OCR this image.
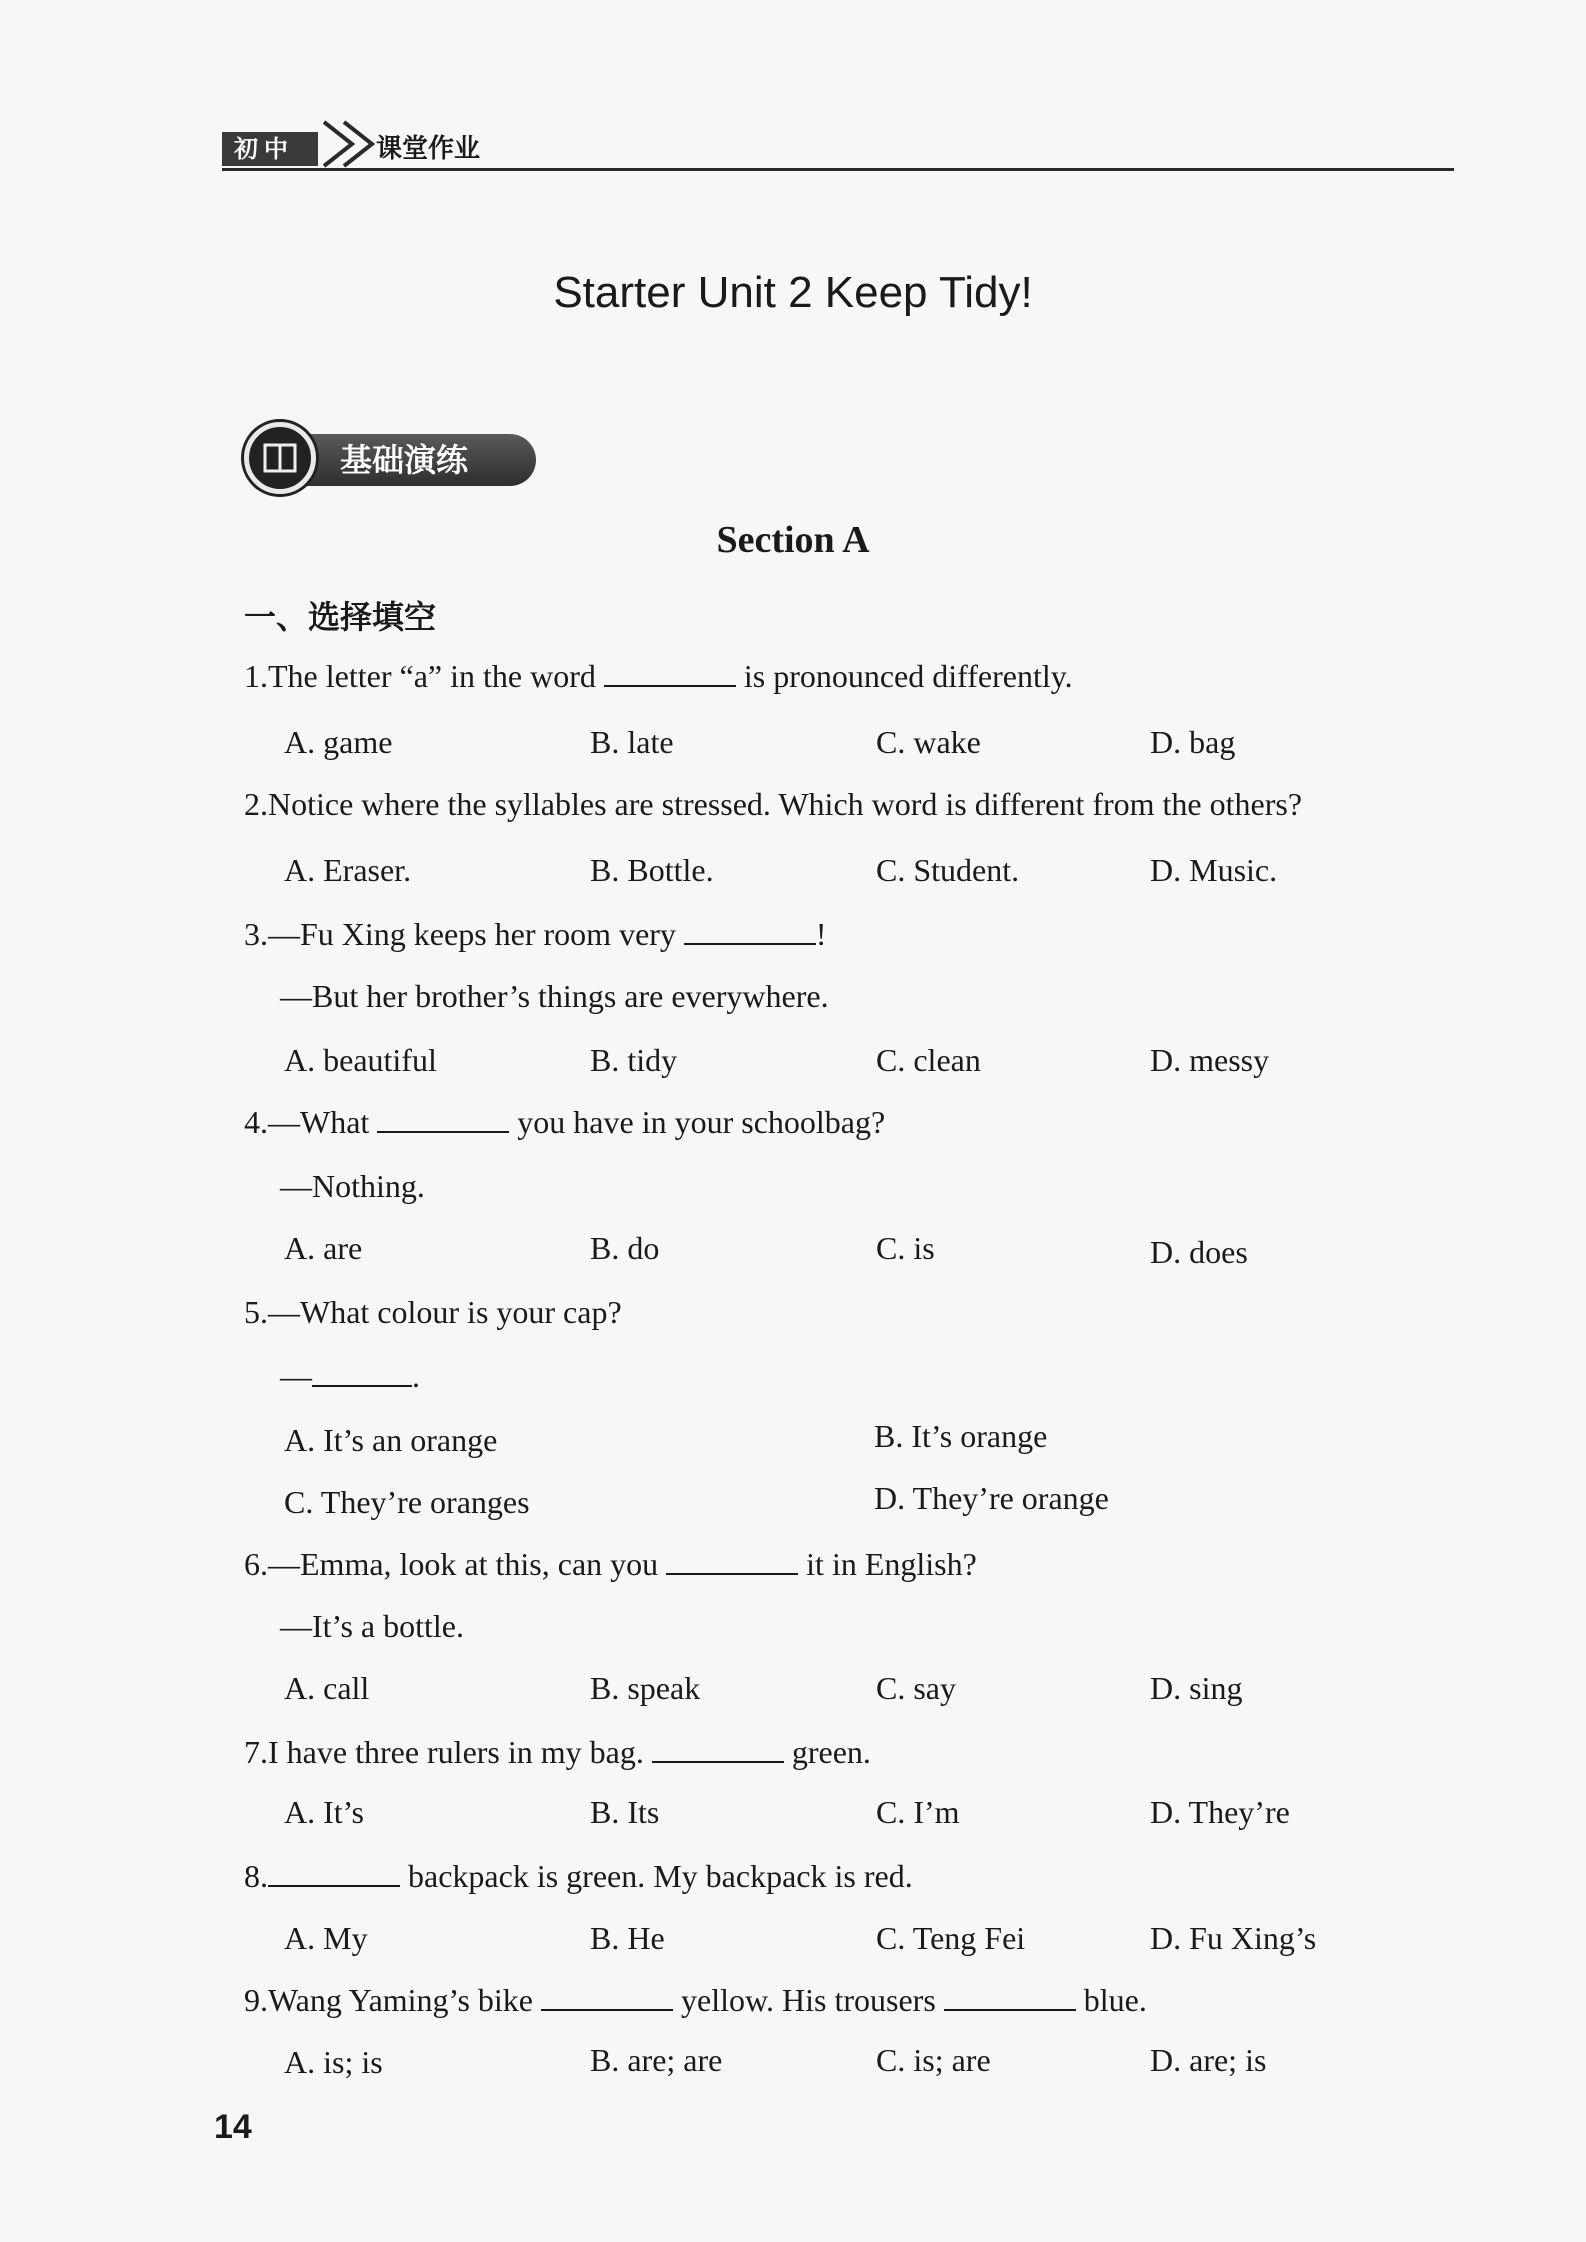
初中	课堂作业
Starter Unit 2 Keep Tidy!
基础演练
Section A
一、选择填空
1.The letter “a” in the word	is pronounced differently.
A. game	B. late	C. wake	D. bag
2.Notice where the syllables are stressed. Which word is different from the others?
A. Eraser.	B. Bottle.	C. Student.	D. Music.
3.—Fu Xing keeps her room very	!
—But her brother’s things are everywhere.
A. beautiful	B. tidy	C. clean	D. messy
4.—What	you have in your schoolbag?
—Nothing.
A. are	B. do	C. is	D. does
5.—What colour is your cap?
—	.
A. It’s an orange	B. It’s orange
C. They’re oranges	D. They’re orange
6.—Emma, look at this, can you	it in English?
—It’s a bottle.
A. call	B. speak	C. say	D. sing
7.I have three rulers in my bag.	green.
A. It’s	B. Its	C. I’m	D. They’re
8.	backpack is green. My backpack is red.
A. My	B. He	C. Teng Fei	D. Fu Xing’s
9.Wang Yaming’s bike	yellow. His trousers	blue.
A. is; is	B. are; are	C. is; are	D. are; is
14
